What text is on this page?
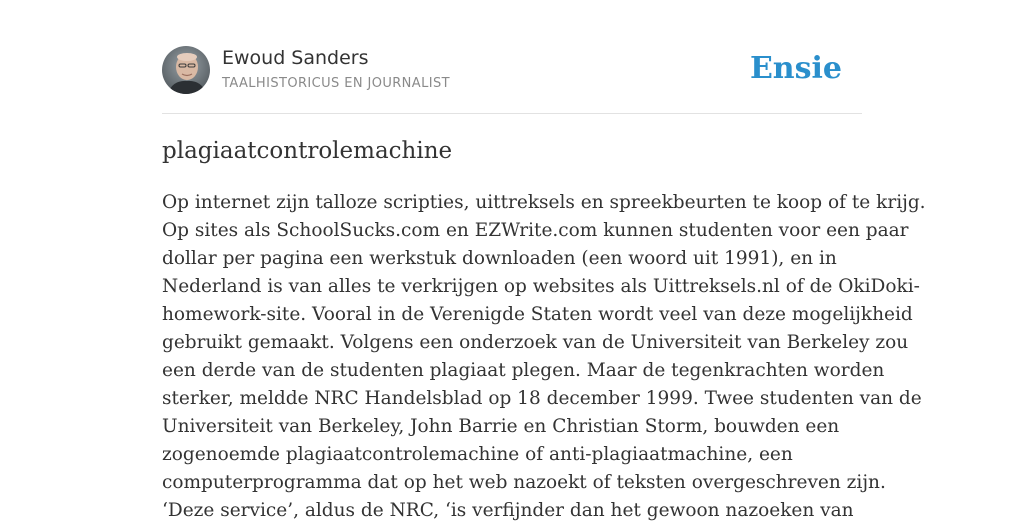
Ewoud Sanders
TAALHISTORICUS EN JOURNALIST	Ensie
plagiaatcontrolemachine
Op internet zijn talloze scripties, uittreksels en spreekbeurten te koop of te krijg.
Op sites als SchoolSucks.com en EZWrite.com kunnen studenten voor een paar
dollar per pagina een werkstuk downloaden (een woord uit 1991), en in
Nederland is van alles te verkrijgen op websites als Uittreksels.nl of de OkiDoki-
homework-site. Vooral in de Verenigde Staten wordt veel van deze mogelijkheid
gebruikt gemaakt. Volgens een onderzoek van de Universiteit van Berkeley zou
een derde van de studenten plagiaat plegen. Maar de tegenkrachten worden
sterker, meldde NRC Handelsblad op 18 december 1999. Twee studenten van de
Universiteit van Berkeley, John Barrie en Christian Storm, bouwden een
zogenoemde plagiaatcontrolemachine of anti-plagiaatmachine, een
computerprogramma dat op het web nazoekt of teksten overgeschreven zijn.
‘Deze service’, aldus de NRC, ‘is verfijnder dan het gewoon nazoeken van
